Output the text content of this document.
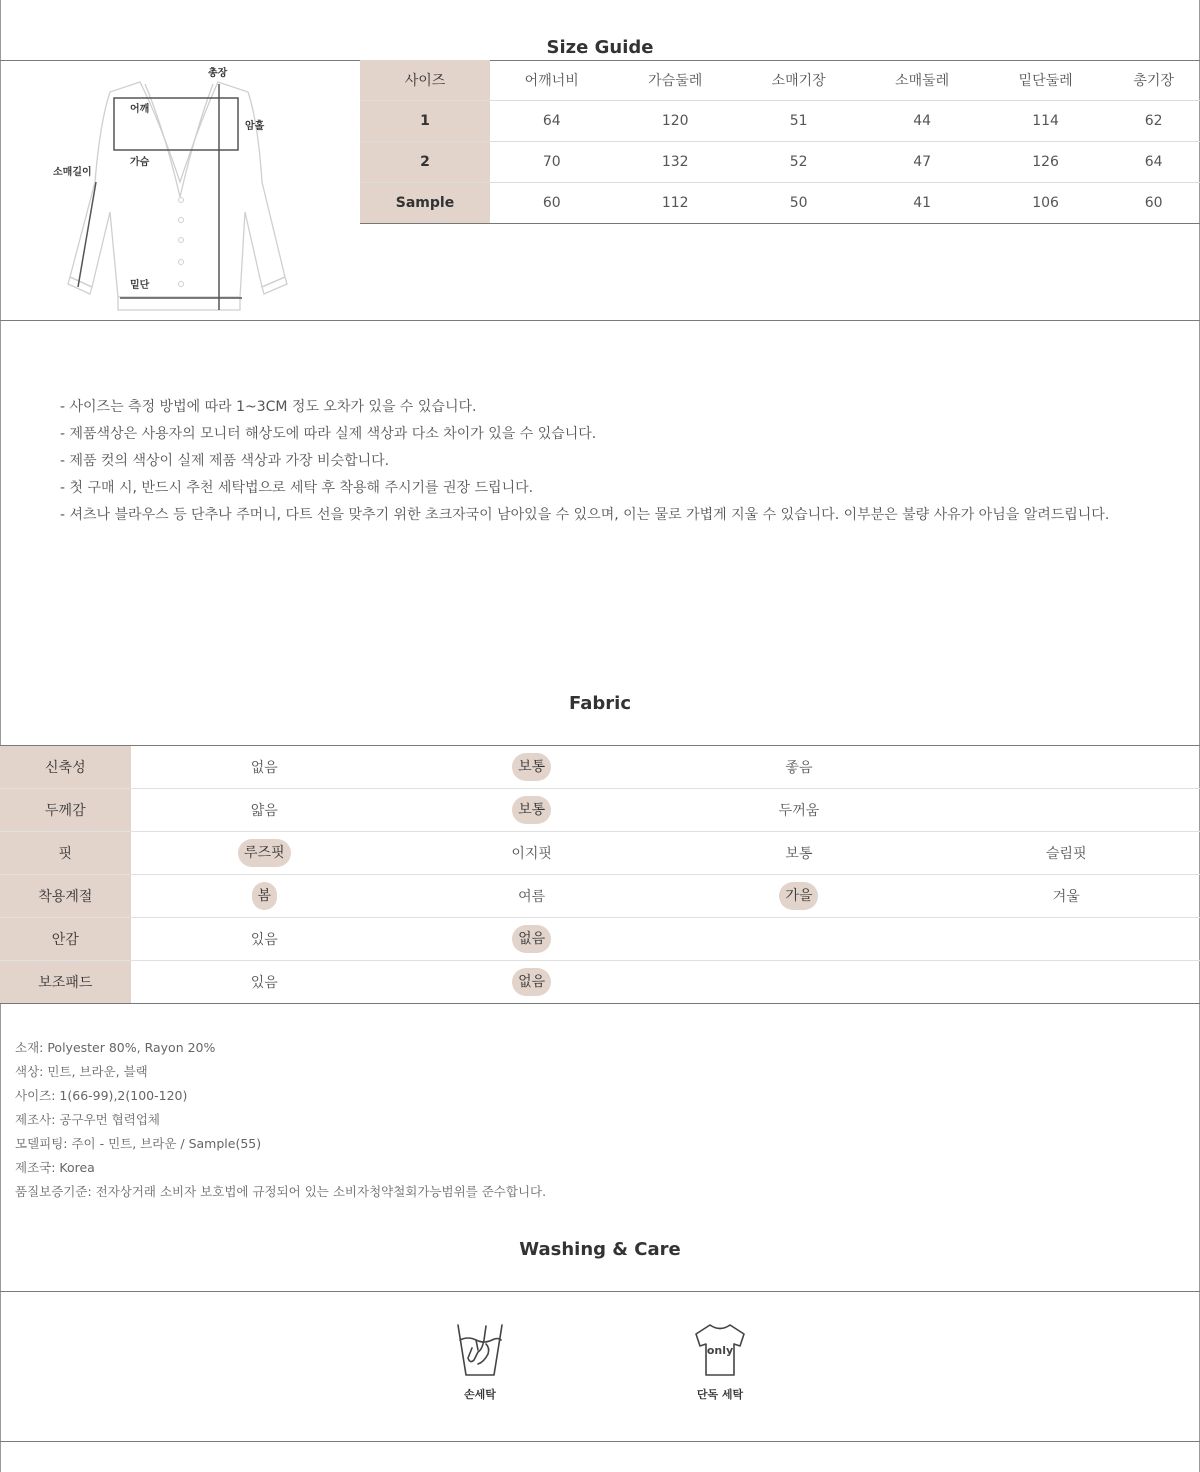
Size Guide
총장
어깨
암홀
가슴
소매길이
밑단
사이즈	어깨너비	가슴둘레	소매기장	소매둘레	밑단둘레	총기장
1	64	120	51	44	114	62
2	70	132	52	47	126	64
Sample	60	112	50	41	106	60
- 사이즈는 측정 방법에 따라 1~3CM 정도 오차가 있을 수 있습니다.
- 제품색상은 사용자의 모니터 해상도에 따라 실제 색상과 다소 차이가 있을 수 있습니다.
- 제품 컷의 색상이 실제 제품 색상과 가장 비슷합니다.
- 첫 구매 시, 반드시 추천 세탁법으로 세탁 후 착용해 주시기를 권장 드립니다.
- 셔츠나 블라우스 등 단추나 주머니, 다트 선을 맞추기 위한 초크자국이 남아있을 수 있으며, 이는 물로 가볍게 지울 수 있습니다. 이부분은 불량 사유가 아님을 알려드립니다.
Fabric
신축성	없음	보통	좋음	
두께감	얇음	보통	두꺼움	
핏	루즈핏	이지핏	보통	슬림핏
착용계절	봄	여름	가을	겨울
안감	있음	없음		
보조패드	있음	없음		
소재: Polyester 80%, Rayon 20%
색상: 민트, 브라운, 블랙
사이즈: 1(66-99),2(100-120)
제조사: 공구우먼 협력업체
모델피팅: 주이 - 민트, 브라운 / Sample(55)
제조국: Korea
품질보증기준: 전자상거래 소비자 보호법에 규정되어 있는 소비자청약철회가능범위를 준수합니다.
Washing & Care
손세탁
only
단독 세탁
